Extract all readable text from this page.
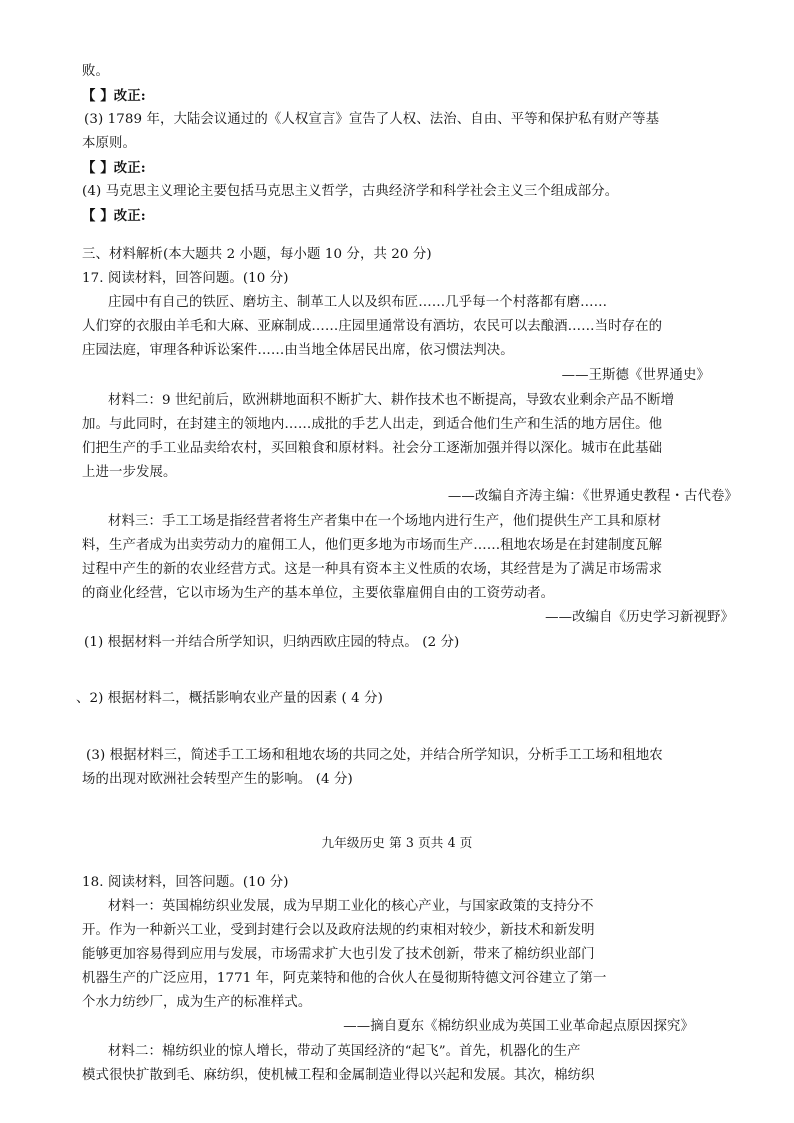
败。
【 】改正:
(3) 1789 年，大陆会议通过的《人权宣言》宣告了人权、法治、自由、平等和保护私有财产等基
本原则。
【 】改正:
(4) 马克思主义理论主要包括马克思主义哲学，古典经济学和科学社会主义三个组成部分。
【 】改正:
三、材料解析(本大题共 2 小题，每小题 10 分，共 20 分)
17. 阅读材料，回答问题。(10 分)
庄园中有自己的铁匠、磨坊主、制革工人以及织布匠……几乎每一个村落都有磨……
人们穿的衣服由羊毛和大麻、亚麻制成……庄园里通常设有酒坊，农民可以去酿酒……当时存在的
庄园法庭，审理各种诉讼案件……由当地全体居民出席，依习惯法判决。
——王斯德《世界通史》
材料二：9 世纪前后，欧洲耕地面积不断扩大、耕作技术也不断提高，导致农业剩余产品不断增
加。与此同时，在封建主的领地内……成批的手艺人出走，到适合他们生产和生活的地方居住。他
们把生产的手工业品卖给农村，买回粮食和原材料。社会分工逐渐加强并得以深化。城市在此基础
上进一步发展。
——改编自齐涛主编：《世界通史教程・古代卷》
材料三：手工工场是指经营者将生产者集中在一个场地内进行生产，他们提供生产工具和原材
料，生产者成为出卖劳动力的雇佣工人，他们更多地为市场而生产……租地农场是在封建制度瓦解
过程中产生的新的农业经营方式。这是一种具有资本主义性质的农场，其经营是为了满足市场需求
的商业化经营，它以市场为生产的基本单位，主要依靠雇佣自由的工资劳动者。
——改编自《历史学习新视野》
(1) 根据材料一并结合所学知识，归纳西欧庄园的特点。 (2 分)
、2) 根据材料二，概括影响农业产量的因素 ( 4 分)
(3) 根据材料三，简述手工工场和租地农场的共同之处，并结合所学知识，分析手工工场和租地农
场的出现对欧洲社会转型产生的影响。 (4 分)
九年级历史 第 3 页共 4 页
18. 阅读材料，回答问题。(10 分)
材料一：英国棉纺织业发展，成为早期工业化的核心产业，与国家政策的支持分不
开。作为一种新兴工业，受到封建行会以及政府法规的约束相对较少，新技术和新发明
能够更加容易得到应用与发展，市场需求扩大也引发了技术创新，带来了棉纺织业部门
机器生产的广泛应用，1771 年，阿克莱特和他的合伙人在曼彻斯特德文河谷建立了第一
个水力纺纱厂，成为生产的标准样式。
——摘自夏东《棉纺织业成为英国工业革命起点原因探究》
材料二：棉纺织业的惊人增长，带动了英国经济的“起飞”。首先，机器化的生产
模式很快扩散到毛、麻纺织，使机械工程和金属制造业得以兴起和发展。其次，棉纺织
